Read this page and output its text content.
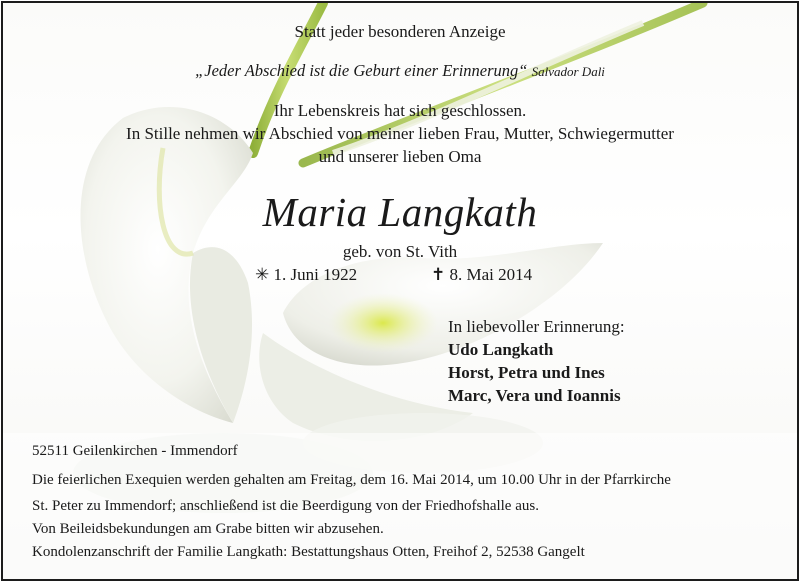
Statt jeder besonderen Anzeige
„Jeder Abschied ist die Geburt einer Erinnerung“ Salvador Dali
Ihr Lebenskreis hat sich geschlossen.
In Stille nehmen wir Abschied von meiner lieben Frau, Mutter, Schwiegermutter
und unserer lieben Oma
Maria Langkath
geb. von St. Vith
✳ 1. Juni 1922	✝ 8. Mai 2014
In liebevoller Erinnerung:
Udo Langkath
Horst, Petra und Ines
Marc, Vera und Ioannis
52511 Geilenkirchen - Immendorf
Die feierlichen Exequien werden gehalten am Freitag, dem 16. Mai 2014, um 10.00 Uhr in der Pfarrkirche
St. Peter zu Immendorf; anschließend ist die Beerdigung von der Friedhofshalle aus.
Von Beileidsbekundungen am Grabe bitten wir abzusehen.
Kondolenzanschrift der Familie Langkath: Bestattungshaus Otten, Freihof 2, 52538 Gangelt
